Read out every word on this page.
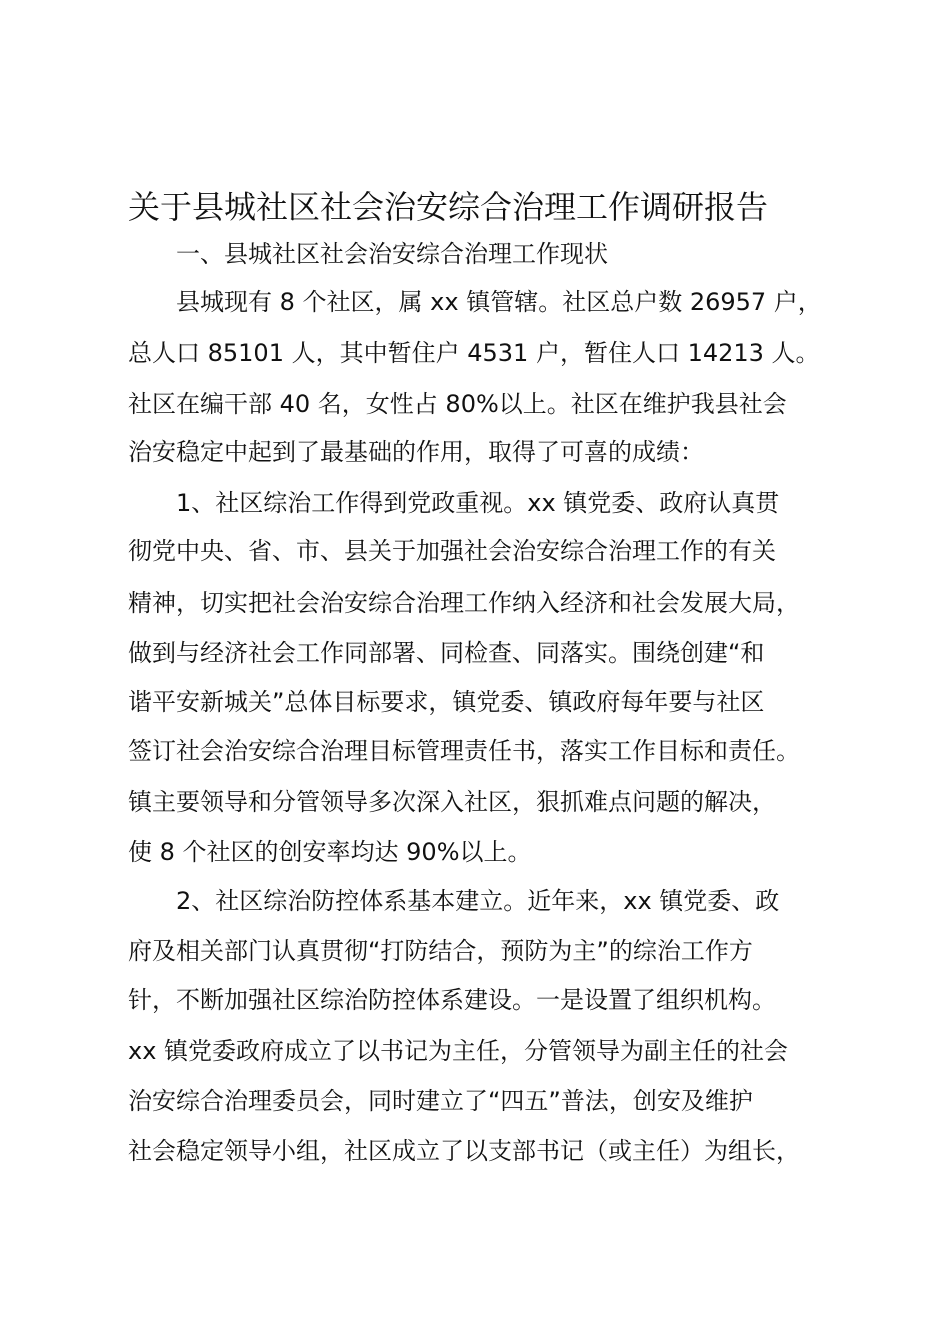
关于县城社区社会治安综合治理工作调研报告
一、县城社区社会治安综合治理工作现状
县城现有 8 个社区，属 xx 镇管辖。社区总户数 26957 户，
总人口 85101 人，其中暂住户 4531 户，暂住人口 14213 人。
社区在编干部 40 名，女性占 80%以上。社区在维护我县社会
治安稳定中起到了最基础的作用，取得了可喜的成绩：
1、社区综治工作得到党政重视。xx 镇党委、政府认真贯
彻党中央、省、市、县关于加强社会治安综合治理工作的有关
精神，切实把社会治安综合治理工作纳入经济和社会发展大局，
做到与经济社会工作同部署、同检查、同落实。围绕创建“和
谐平安新城关”总体目标要求，镇党委、镇政府每年要与社区
签订社会治安综合治理目标管理责任书，落实工作目标和责任。
镇主要领导和分管领导多次深入社区，狠抓难点问题的解决，
使 8 个社区的创安率均达 90%以上。
2、社区综治防控体系基本建立。近年来，xx 镇党委、政
府及相关部门认真贯彻“打防结合，预防为主”的综治工作方
针，不断加强社区综治防控体系建设。一是设置了组织机构。
xx 镇党委政府成立了以书记为主任，分管领导为副主任的社会
治安综合治理委员会，同时建立了“四五”普法，创安及维护
社会稳定领导小组，社区成立了以支部书记（或主任）为组长，
